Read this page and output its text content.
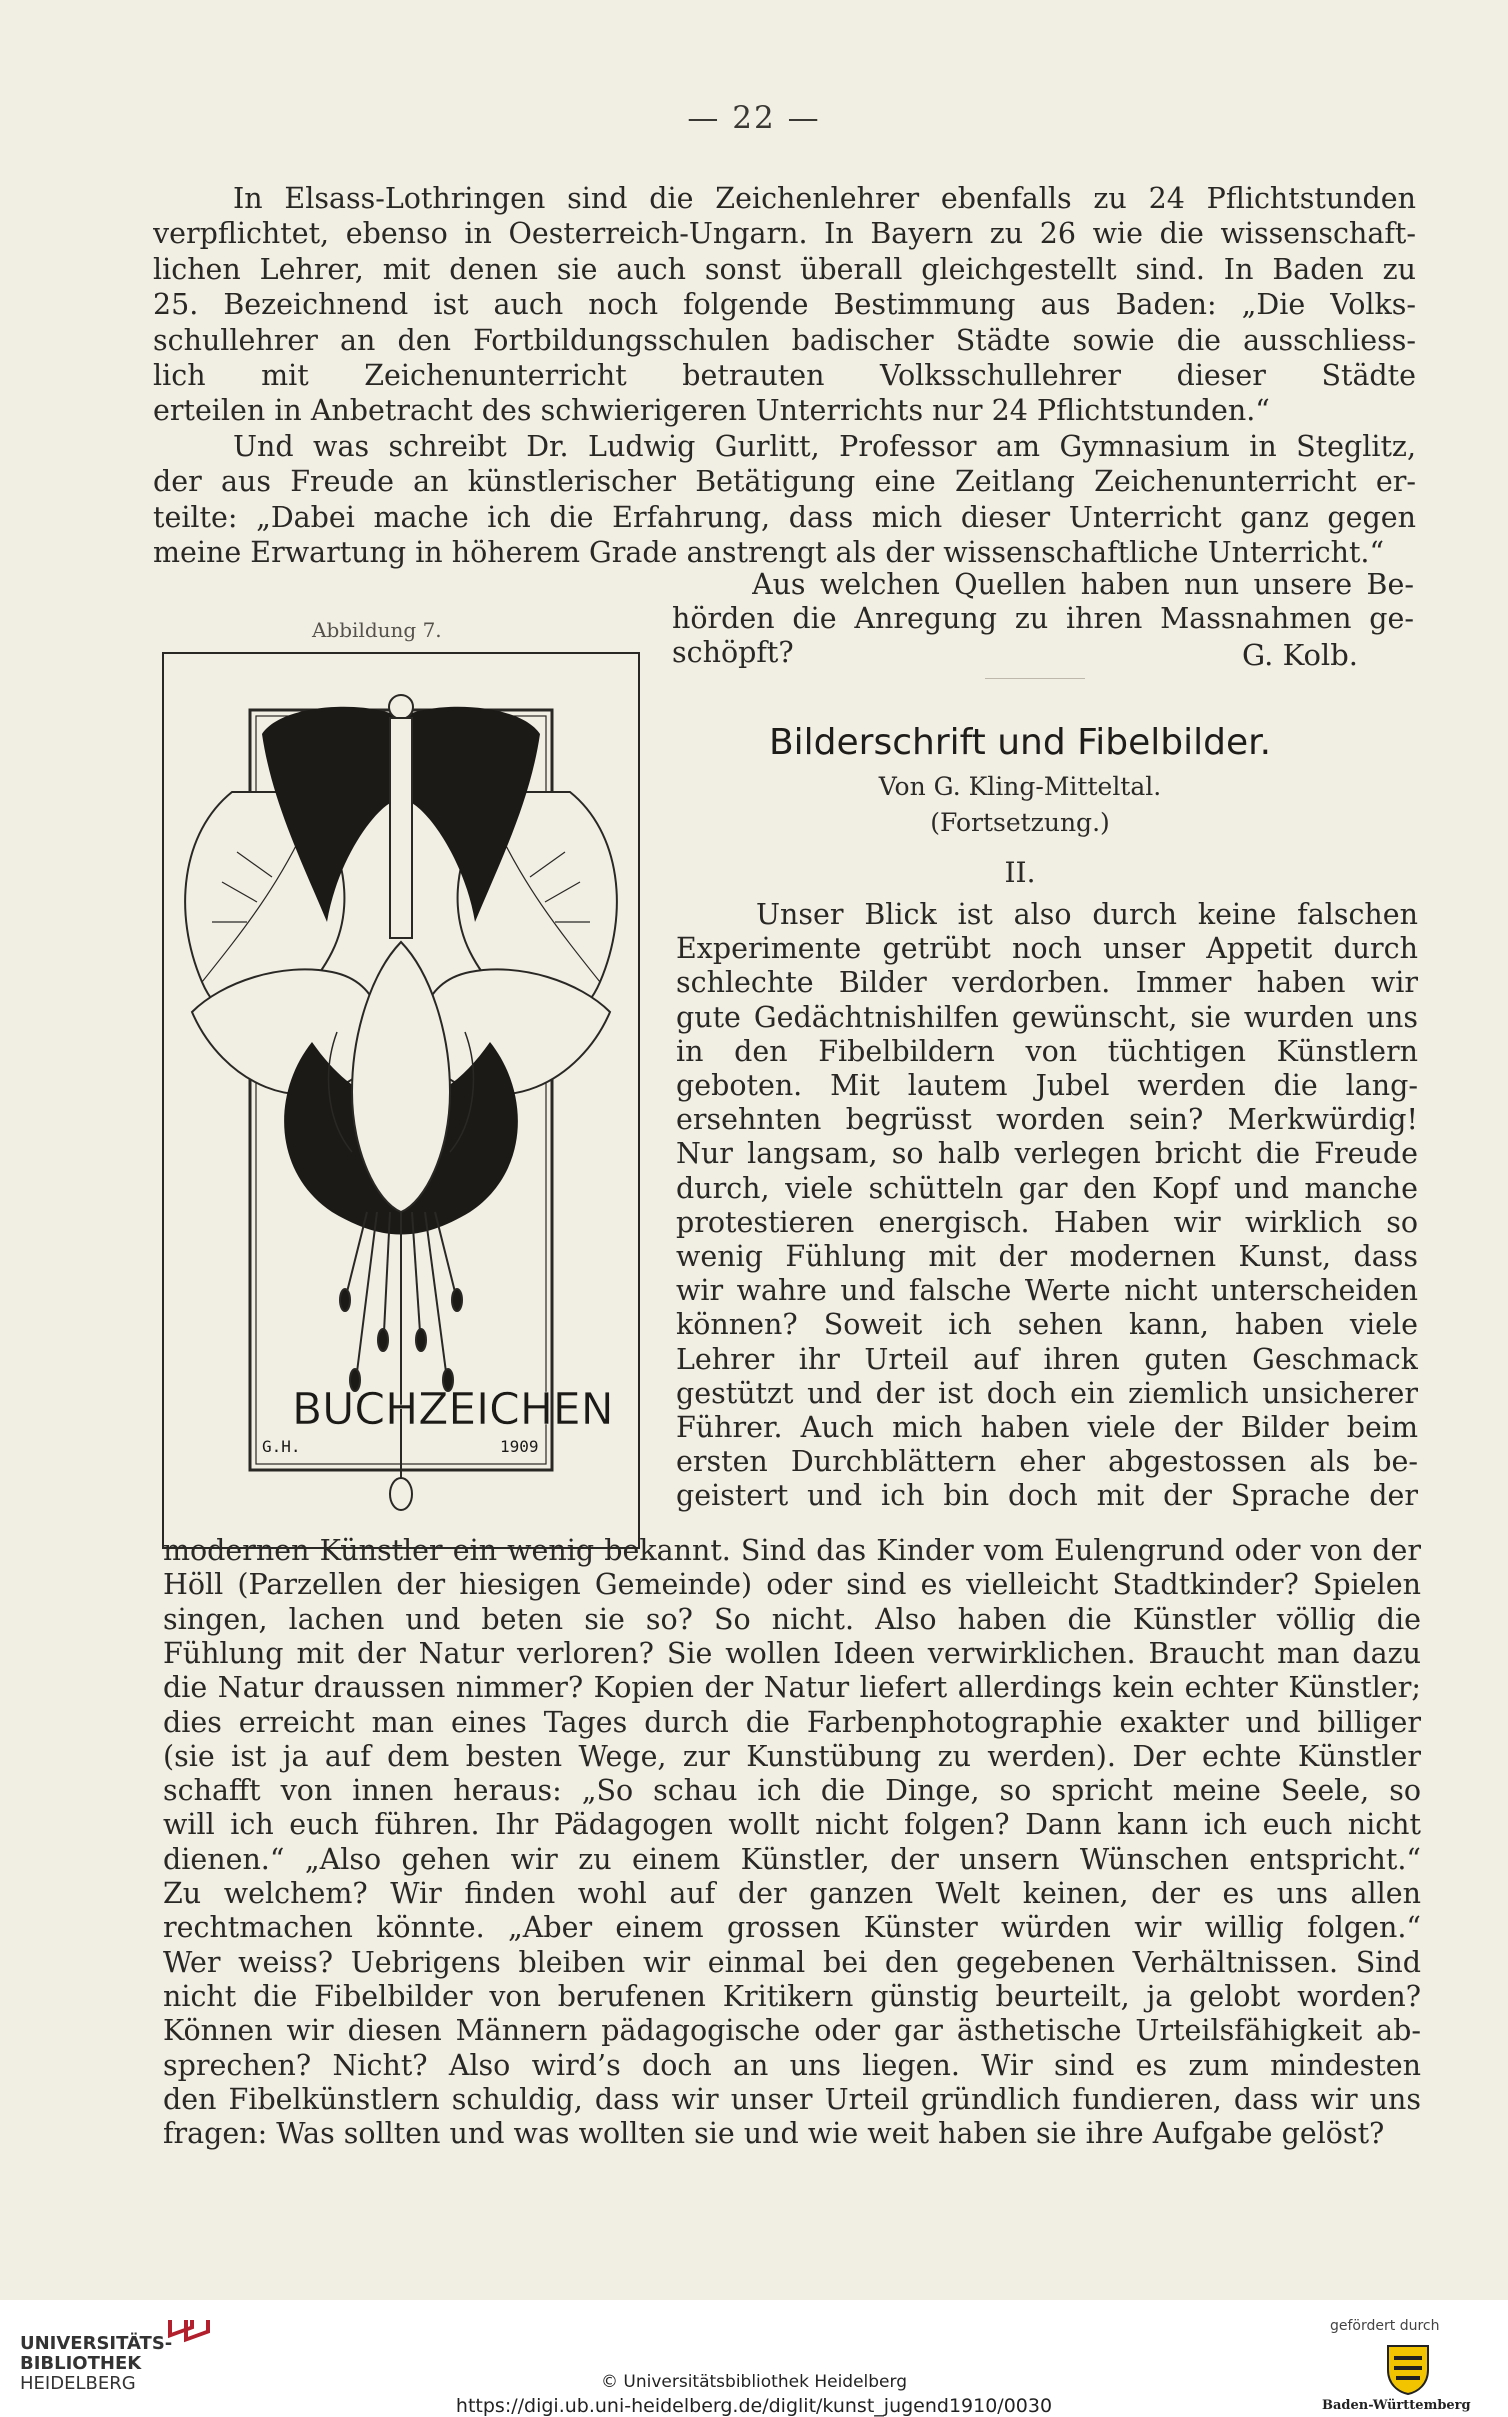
— 22 —
In Elsass-Lothringen sind die Zeichenlehrer ebenfalls zu 24 Pflichtstunden
verpflichtet, ebenso in Oesterreich-Ungarn. In Bayern zu 26 wie die wissenschaft-
lichen Lehrer, mit denen sie auch sonst überall gleichgestellt sind. In Baden zu
25. Bezeichnend ist auch noch folgende Bestimmung aus Baden: „Die Volks-
schullehrer an den Fortbildungsschulen badischer Städte sowie die ausschliess-
lich mit Zeichenunterricht betrauten Volksschullehrer dieser Städte
erteilen in Anbetracht des schwierigeren Unterrichts nur 24 Pflichtstunden.“
Und was schreibt Dr. Ludwig Gurlitt, Professor am Gymnasium in Steglitz,
der aus Freude an künstlerischer Betätigung eine Zeitlang Zeichenunterricht er-
teilte: „Dabei mache ich die Erfahrung, dass mich dieser Unterricht ganz gegen
meine Erwartung in höherem Grade anstrengt als der wissenschaftliche Unterricht.“
Aus welchen Quellen haben nun unsere Be-
hörden die Anregung zu ihren Massnahmen ge-
schöpft?	G. Kolb.
Abbildung 7.
BUCHZEICHEN
G.H.	1909
Bilderschrift und Fibelbilder.
Von G. Kling-Mitteltal.
(Fortsetzung.)
II.
Unser Blick ist also durch keine falschen
Experimente getrübt noch unser Appetit durch
schlechte Bilder verdorben. Immer haben wir
gute Gedächtnishilfen gewünscht, sie wurden uns
in den Fibelbildern von tüchtigen Künstlern
geboten. Mit lautem Jubel werden die lang-
ersehnten begrüsst worden sein? Merkwürdig!
Nur langsam, so halb verlegen bricht die Freude
durch, viele schütteln gar den Kopf und manche
protestieren energisch. Haben wir wirklich so
wenig Fühlung mit der modernen Kunst, dass
wir wahre und falsche Werte nicht unterscheiden
können? Soweit ich sehen kann, haben viele
Lehrer ihr Urteil auf ihren guten Geschmack
gestützt und der ist doch ein ziemlich unsicherer
Führer. Auch mich haben viele der Bilder beim
ersten Durchblättern eher abgestossen als be-
geistert und ich bin doch mit der Sprache der
modernen Künstler ein wenig bekannt. Sind das Kinder vom Eulengrund oder von der
Höll (Parzellen der hiesigen Gemeinde) oder sind es vielleicht Stadtkinder? Spielen
singen, lachen und beten sie so? So nicht. Also haben die Künstler völlig die
Fühlung mit der Natur verloren? Sie wollen Ideen verwirklichen. Braucht man dazu
die Natur draussen nimmer? Kopien der Natur liefert allerdings kein echter Künstler;
dies erreicht man eines Tages durch die Farbenphotographie exakter und billiger
(sie ist ja auf dem besten Wege, zur Kunstübung zu werden). Der echte Künstler
schafft von innen heraus: „So schau ich die Dinge, so spricht meine Seele, so
will ich euch führen. Ihr Pädagogen wollt nicht folgen? Dann kann ich euch nicht
dienen.“ „Also gehen wir zu einem Künstler, der unsern Wünschen entspricht.“
Zu welchem? Wir finden wohl auf der ganzen Welt keinen, der es uns allen
rechtmachen könnte. „Aber einem grossen Künster würden wir willig folgen.“
Wer weiss? Uebrigens bleiben wir einmal bei den gegebenen Verhältnissen. Sind
nicht die Fibelbilder von berufenen Kritikern günstig beurteilt, ja gelobt worden?
Können wir diesen Männern pädagogische oder gar ästhetische Urteilsfähigkeit ab-
sprechen? Nicht? Also wird’s doch an uns liegen. Wir sind es zum mindesten
den Fibelkünstlern schuldig, dass wir unser Urteil gründlich fundieren, dass wir uns
fragen: Was sollten und was wollten sie und wie weit haben sie ihre Aufgabe gelöst?
UNIVERSITÄTS-
BIBLIOTHEK
HEIDELBERG	© Universitätsbibliothek Heidelberg
https://digi.ub.uni-heidelberg.de/diglit/kunst_jugend1910/0030
gefördert durch
Baden-Württemberg
